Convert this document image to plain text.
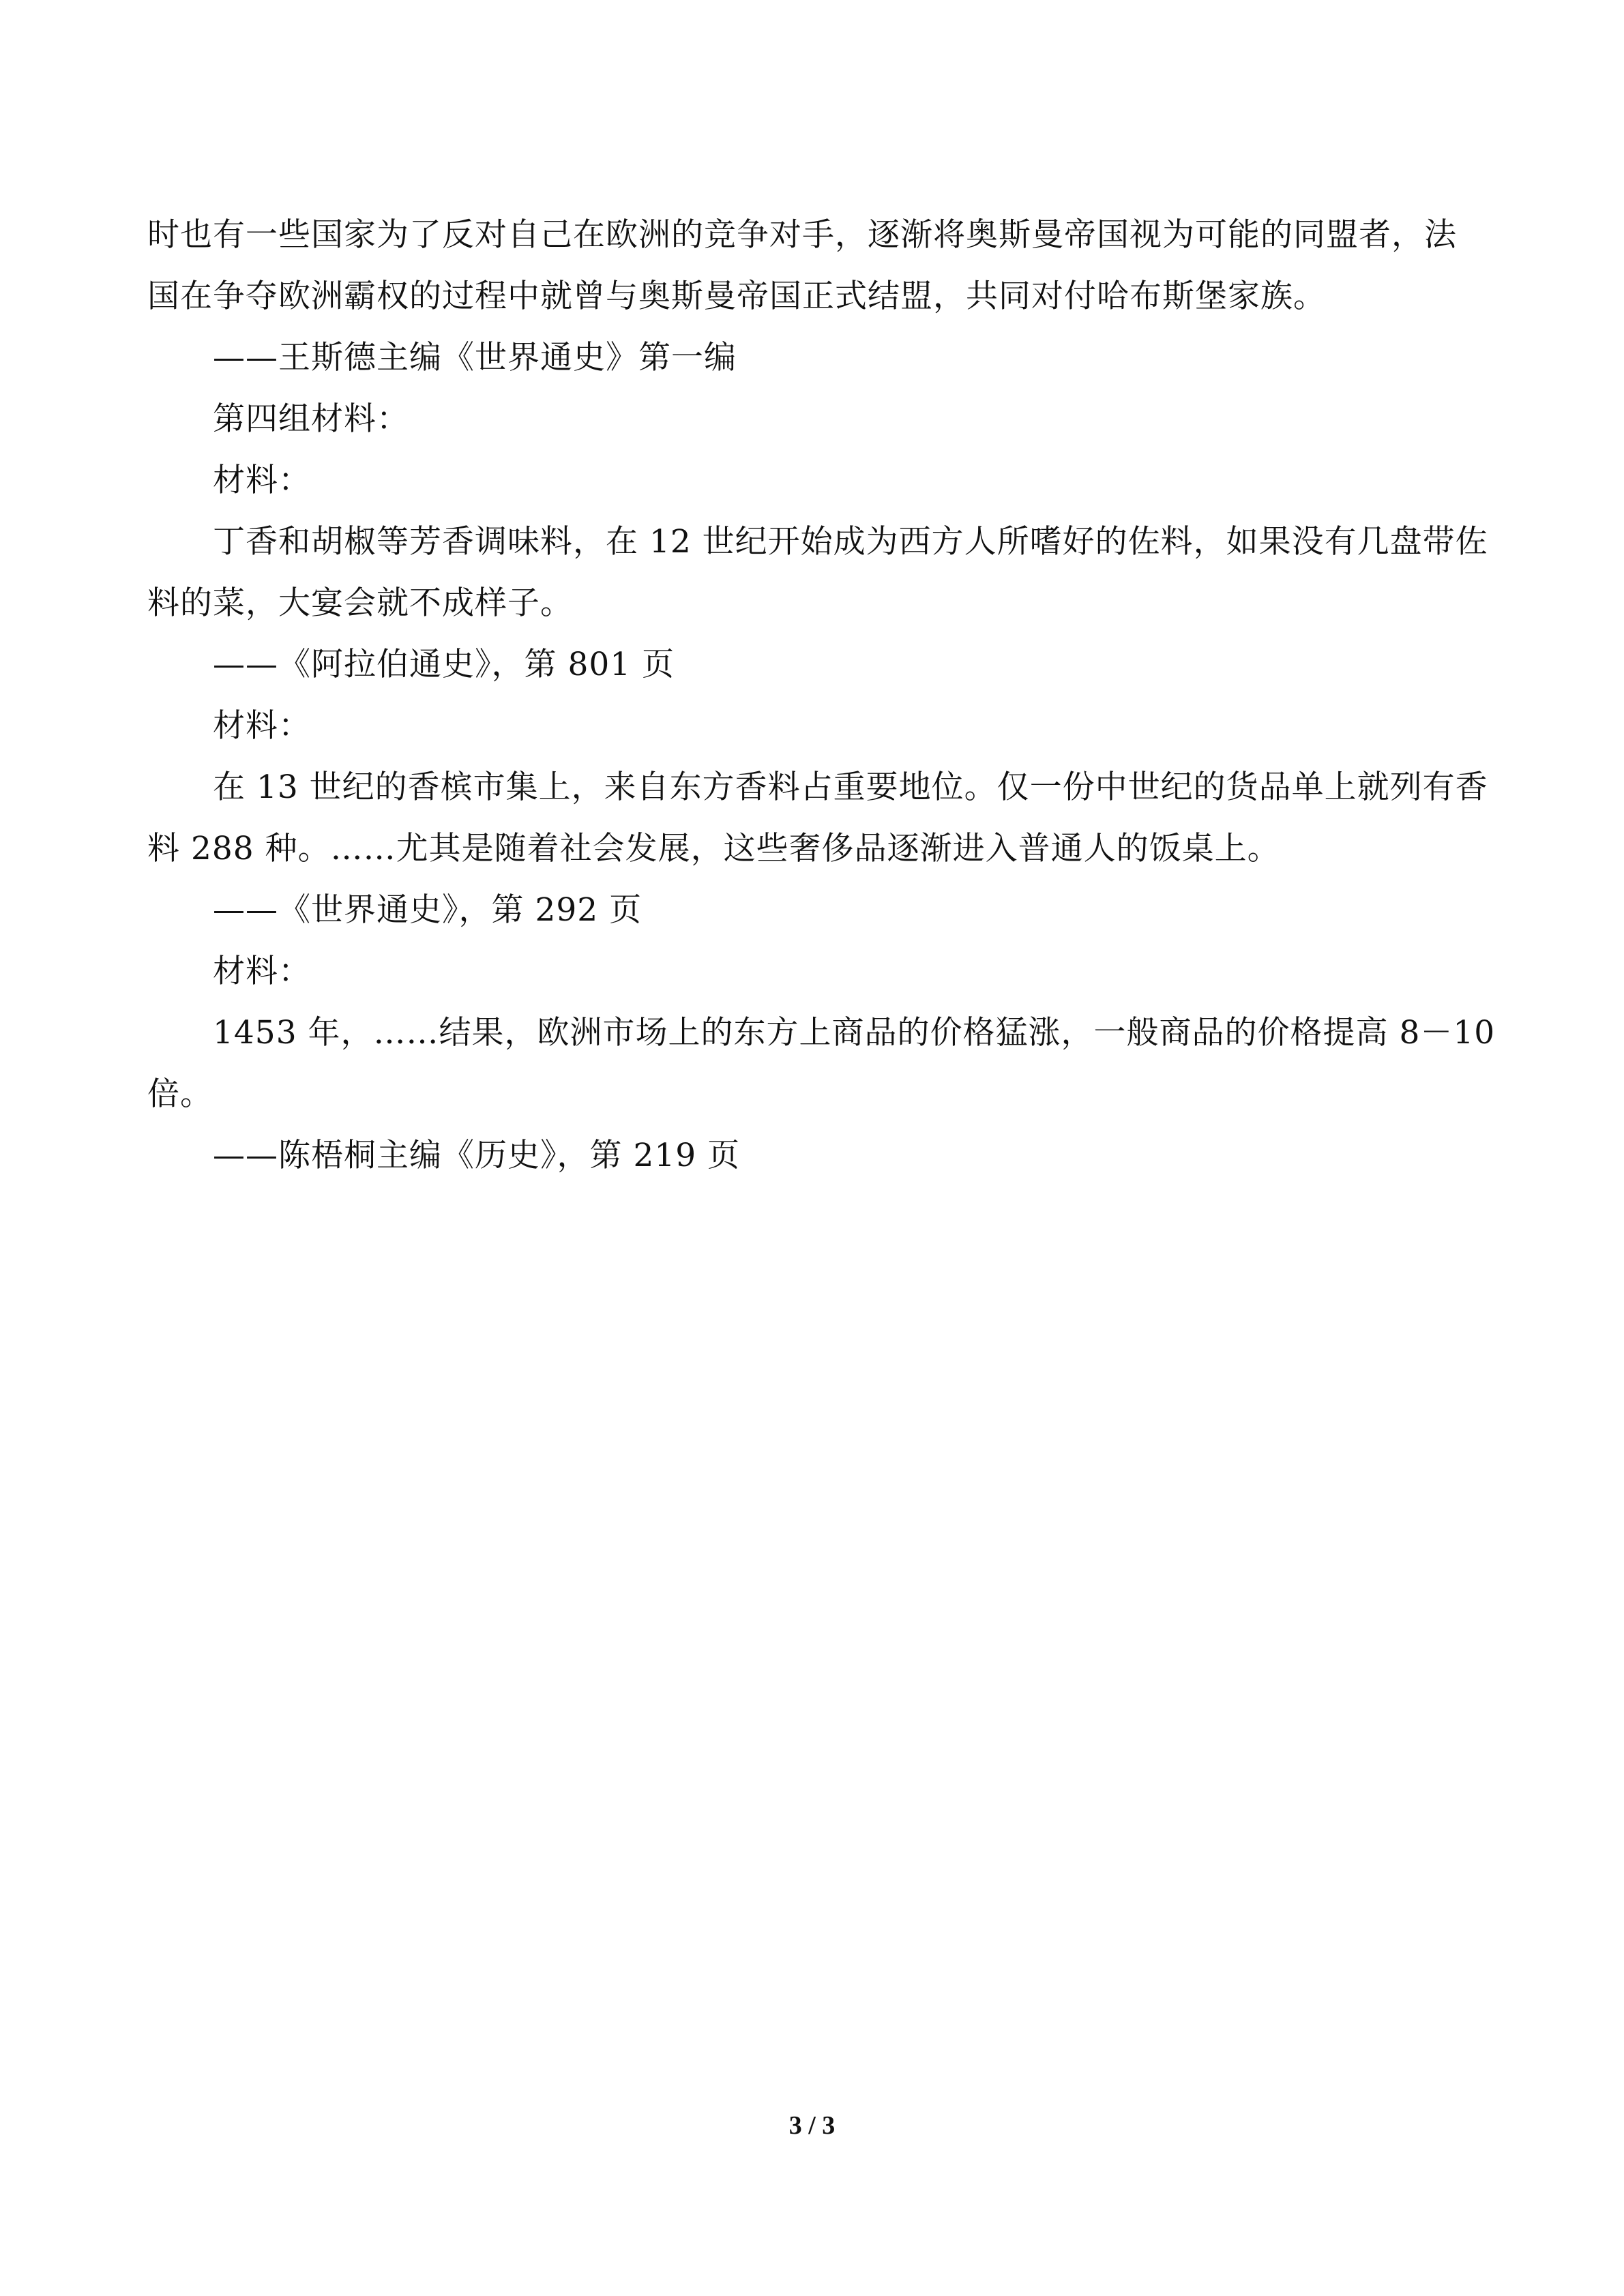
时也有一些国家为了反对自己在欧洲的竞争对手，逐渐将奥斯曼帝国视为可能的同盟者，法
国在争夺欧洲霸权的过程中就曾与奥斯曼帝国正式结盟，共同对付哈布斯堡家族。
——王斯德主编《世界通史》第一编
第四组材料：
材料：
丁香和胡椒等芳香调味料，在 12 世纪开始成为西方人所嗜好的佐料，如果没有几盘带佐
料的菜，大宴会就不成样子。
——《阿拉伯通史》，第 801 页
材料：
在 13 世纪的香槟市集上，来自东方香料占重要地位。仅一份中世纪的货品单上就列有香
料 288 种。……尤其是随着社会发展，这些奢侈品逐渐进入普通人的饭桌上。
——《世界通史》，第 292 页
材料：
1453 年，……结果，欧洲市场上的东方上商品的价格猛涨，一般商品的价格提高 8－10
倍。
——陈梧桐主编《历史》，第 219 页
3 / 3
